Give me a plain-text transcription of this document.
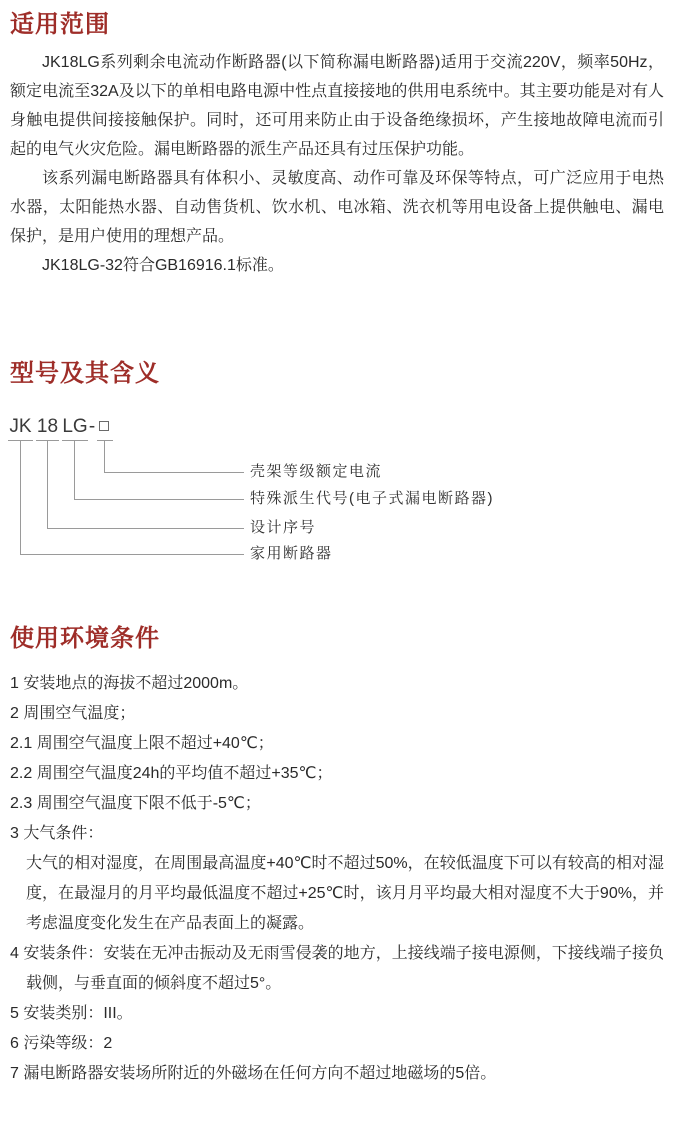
适用范围

JK18LG系列剩余电流动作断路器(以下简称漏电断路器)适用于交流220V，频率50Hz，额定电流至32A及以下的单相电路电源中性点直接接地的供用电系统中。其主要功能是对有人身触电提供间接接触保护。同时，还可用来防止由于设备绝缘损坏，产生接地故障电流而引起的电气火灾危险。漏电断路器的派生产品还具有过压保护功能。

该系列漏电断路器具有体积小、灵敏度高、动作可靠及环保等特点，可广泛应用于电热水器，太阳能热水器、自动售货机、饮水机、电冰箱、洗衣机等用电设备上提供触电、漏电保护，是用户使用的理想产品。

JK18LG-32符合GB16916.1标准。

型号及其含义
JK 18 LG -
壳架等级额定电流
特殊派生代号(电子式漏电断路器)
设计序号
家用断路器
使用环境条件
1 安装地点的海拔不超过2000m。
2 周围空气温度；
2.1 周围空气温度上限不超过+40℃；
2.2 周围空气温度24h的平均值不超过+35℃；
2.3 周围空气温度下限不低于-5℃；
3 大气条件：
大气的相对湿度，在周围最高温度+40℃时不超过50%，在较低温度下可以有较高的相对湿度，在最湿月的月平均最低温度不超过+25℃时，该月月平均最大相对湿度不大于90%，并考虑温度变化发生在产品表面上的凝露。
4 安装条件：安装在无冲击振动及无雨雪侵袭的地方，上接线端子接电源侧，下接线端子接负载侧，与垂直面的倾斜度不超过5°。
5 安装类别：III。
6 污染等级：2
7 漏电断路器安装场所附近的外磁场在任何方向不超过地磁场的5倍。
